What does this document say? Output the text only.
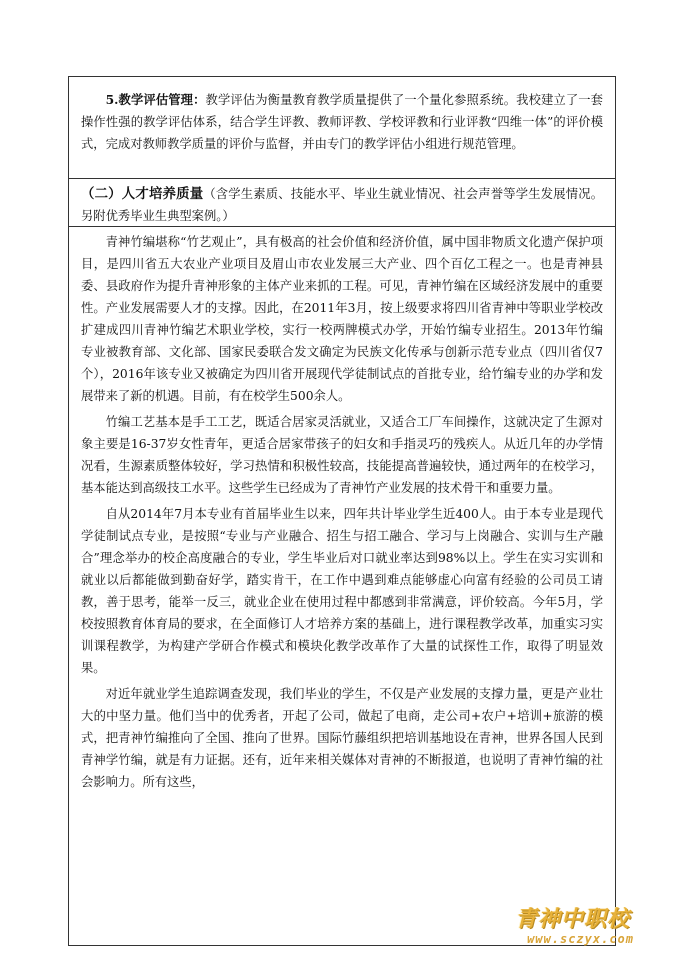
5.教学评估管理：教学评估为衡量教育教学质量提供了一个量化参照系统。我校建立了一套操作性强的教学评估体系，结合学生评教、教师评教、学校评教和行业评教“四维一体”的评价模式，完成对教师教学质量的评价与监督，并由专门的教学评估小组进行规范管理。

（二）人才培养质量（含学生素质、技能水平、毕业生就业情况、社会声誉等学生发展情况。另附优秀毕业生典型案例。）

青神竹编堪称“竹艺观止”，具有极高的社会价值和经济价值，属中国非物质文化遗产保护项目，是四川省五大农业产业项目及眉山市农业发展三大产业、四个百亿工程之一。也是青神县委、县政府作为提升青神形象的主体产业来抓的工程。可见，青神竹编在区域经济发展中的重要性。产业发展需要人才的支撑。因此，在2011年3月，按上级要求将四川省青神中等职业学校改扩建成四川青神竹编艺术职业学校，实行一校两牌模式办学，开始竹编专业招生。2013年竹编专业被教育部、文化部、国家民委联合发文确定为民族文化传承与创新示范专业点（四川省仅7个），2016年该专业又被确定为四川省开展现代学徒制试点的首批专业，给竹编专业的办学和发展带来了新的机遇。目前，有在校学生500余人。

竹编工艺基本是手工工艺，既适合居家灵活就业，又适合工厂车间操作，这就决定了生源对象主要是16-37岁女性青年，更适合居家带孩子的妇女和手指灵巧的残疾人。从近几年的办学情况看，生源素质整体较好，学习热情和积极性较高，技能提高普遍较快，通过两年的在校学习，基本能达到高级技工水平。这些学生已经成为了青神竹产业发展的技术骨干和重要力量。

自从2014年7月本专业有首届毕业生以来，四年共计毕业学生近400人。由于本专业是现代学徒制试点专业，是按照“专业与产业融合、招生与招工融合、学习与上岗融合、实训与生产融合”理念举办的校企高度融合的专业，学生毕业后对口就业率达到98%以上。学生在实习实训和就业以后都能做到勤奋好学，踏实肯干，在工作中遇到难点能够虚心向富有经验的公司员工请教，善于思考，能举一反三，就业企业在使用过程中都感到非常满意，评价较高。今年5月，学校按照教育体育局的要求，在全面修订人才培养方案的基础上，进行课程教学改革，加重实习实训课程教学，为构建产学研合作模式和模块化教学改革作了大量的试探性工作，取得了明显效果。

对近年就业学生追踪调查发现，我们毕业的学生，不仅是产业发展的支撑力量，更是产业壮大的中坚力量。他们当中的优秀者，开起了公司，做起了电商，走公司+农户+培训+旅游的模式，把青神竹编推向了全国、推向了世界。国际竹藤组织把培训基地设在青神，世界各国人民到青神学竹编，就是有力证据。还有，近年来相关媒体对青神的不断报道，也说明了青神竹编的社会影响力。所有这些，

青神中职校
www.sczyx.com
